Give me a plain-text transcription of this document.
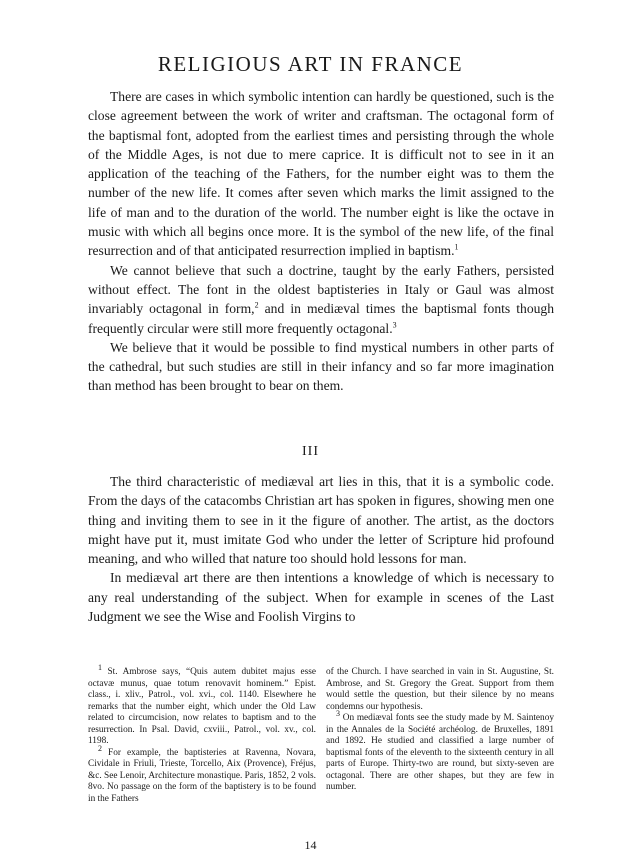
RELIGIOUS ART IN FRANCE

There are cases in which symbolic intention can hardly be questioned, such is the close agreement between the work of writer and craftsman. The octagonal form of the baptismal font, adopted from the earliest times and persisting through the whole of the Middle Ages, is not due to mere caprice. It is difficult not to see in it an application of the teaching of the Fathers, for the number eight was to them the number of the new life. It comes after seven which marks the limit assigned to the life of man and to the duration of the world. The number eight is like the octave in music with which all begins once more. It is the symbol of the new life, of the final resurrection and of that anticipated resurrection implied in baptism.$^1$

We cannot believe that such a doctrine, taught by the early Fathers, persisted without effect. The font in the oldest baptisteries in Italy or Gaul was almost invariably octagonal in form,$^2$ and in mediæval times the baptismal fonts though frequently circular were still more frequently octagonal.$^3$

We believe that it would be possible to find mystical numbers in other parts of the cathedral, but such studies are still in their infancy and so far more imagination than method has been brought to bear on them.

III

The third characteristic of mediæval art lies in this, that it is a symbolic code. From the days of the catacombs Christian art has spoken in figures, showing men one thing and inviting them to see in it the figure of another. The artist, as the doctors might have put it, must imitate God who under the letter of Scripture hid profound meaning, and who willed that nature too should hold lessons for man.

In mediæval art there are then intentions a knowledge of which is necessary to any real understanding of the subject. When for example in scenes of the Last Judgment we see the Wise and Foolish Virgins to

$^1$ St. Ambrose says, “Quis autem dubitet majus esse octavæ munus, quae totum renovavit hominem.” Epist. class., i. xliv., Patrol., vol. xvi., col. 1140. Elsewhere he remarks that the number eight, which under the Old Law related to circumcision, now relates to baptism and to the resurrection. In Psal. David, cxviii., Patrol., vol. xv., col. 1198.

$^2$ For example, the baptisteries at Ravenna, Novara, Cividale in Friuli, Trieste, Torcello, Aix (Provence), Fréjus, &c. See Lenoir, Architecture monastique. Paris, 1852, 2 vols. 8vo. No passage on the form of the baptistery is to be found in the Fathers

of the Church. I have searched in vain in St. Augustine, St. Ambrose, and St. Gregory the Great. Support from them would settle the question, but their silence by no means condemns our hypothesis.

$^3$ On mediæval fonts see the study made by M. Saintenoy in the Annales de la Société archéolog. de Bruxelles, 1891 and 1892. He studied and classified a large number of baptismal fonts of the eleventh to the sixteenth century in all parts of Europe. Thirty-two are round, but sixty-seven are octagonal. There are other shapes, but they are few in number.

14
